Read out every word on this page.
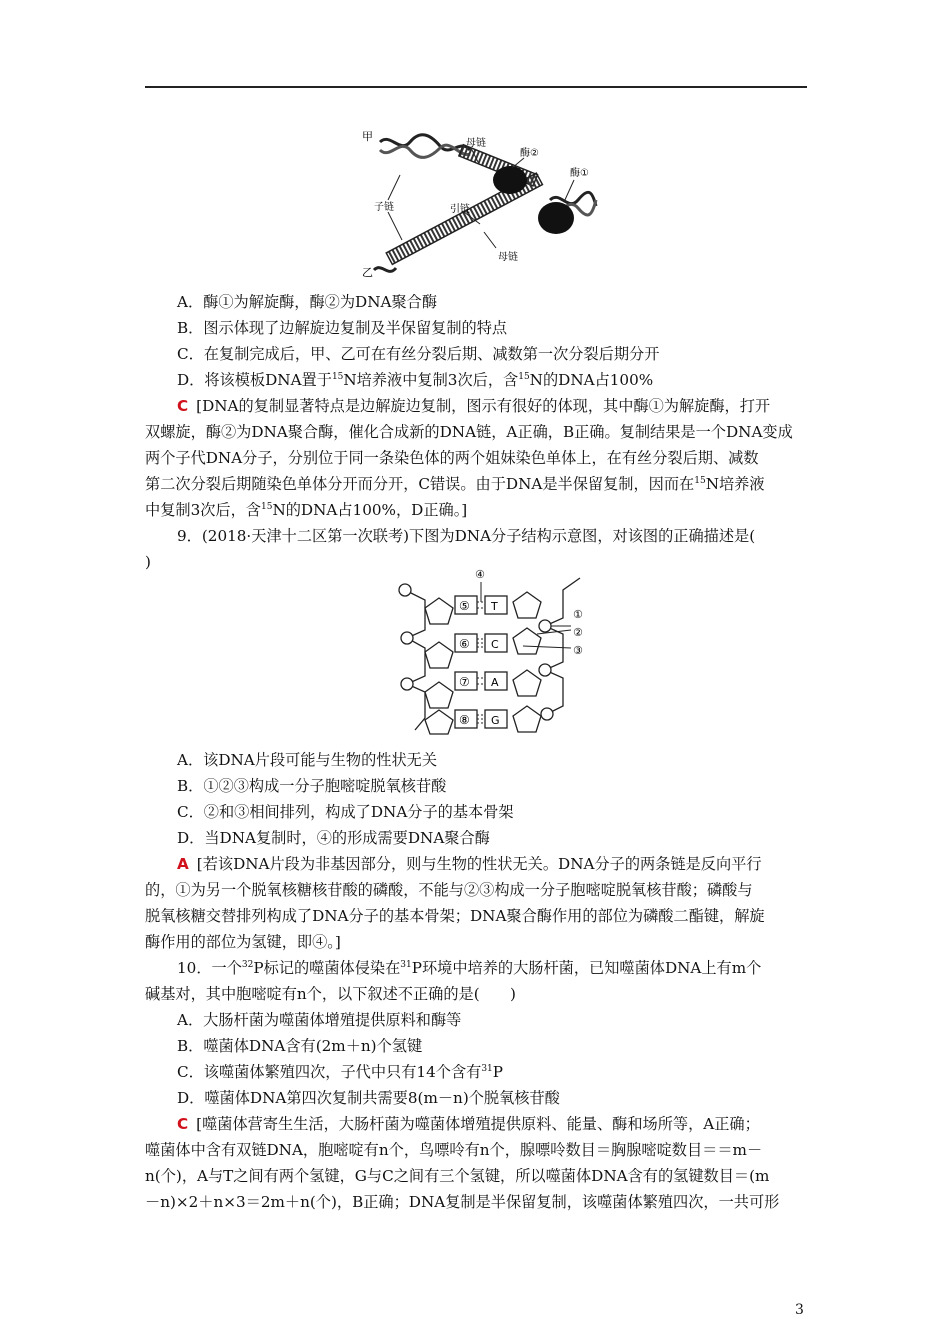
甲
乙
母链
酶②
酶①
子链	引链
母链
A．酶①为解旋酶，酶②为DNA聚合酶
B．图示体现了边解旋边复制及半保留复制的特点
C．在复制完成后，甲、乙可在有丝分裂后期、减数第一次分裂后期分开
D．将该模板DNA置于$^{15}$N培养液中复制3次后，含$^{15}$N的DNA占100%
C [DNA的复制显著特点是边解旋边复制，图示有很好的体现，其中酶①为解旋酶，打开
双螺旋，酶②为DNA聚合酶，催化合成新的DNA链，A正确，B正确。复制结果是一个DNA变成
两个子代DNA分子，分别位于同一条染色体的两个姐妹染色单体上，在有丝分裂后期、减数
第二次分裂后期随染色单体分开而分开，C错误。由于DNA是半保留复制，因而在$^{15}$N培养液
中复制3次后，含$^{15}$N的DNA占100%，D正确。]
9．(2018·天津十二区第一次联考)下图为DNA分子结构示意图，对该图的正确描述是(
)
④
⑤
⑥
⑦
⑧
T
C
A
G
①
②
③
A．该DNA片段可能与生物的性状无关
B．①②③构成一分子胞嘧啶脱氧核苷酸
C．②和③相间排列，构成了DNA分子的基本骨架
D．当DNA复制时，④的形成需要DNA聚合酶
A [若该DNA片段为非基因部分，则与生物的性状无关。DNA分子的两条链是反向平行
的，①为另一个脱氧核糖核苷酸的磷酸，不能与②③构成一分子胞嘧啶脱氧核苷酸；磷酸与
脱氧核糖交替排列构成了DNA分子的基本骨架；DNA聚合酶作用的部位为磷酸二酯键，解旋
酶作用的部位为氢键，即④。]
10．一个$^{32}$P标记的噬菌体侵染在$^{31}$P环境中培养的大肠杆菌，已知噬菌体DNA上有m个
碱基对，其中胞嘧啶有n个，以下叙述不正确的是(　　)
A．大肠杆菌为噬菌体增殖提供原料和酶等
B．噬菌体DNA含有(2m＋n)个氢键
C．该噬菌体繁殖四次，子代中只有14个含有$^{31}$P
D．噬菌体DNA第四次复制共需要8(m－n)个脱氧核苷酸
C [噬菌体营寄生生活，大肠杆菌为噬菌体增殖提供原料、能量、酶和场所等，A正确；
噬菌体中含有双链DNA，胞嘧啶有n个，鸟嘌呤有n个，腺嘌呤数目＝胸腺嘧啶数目＝＝m－
n(个)，A与T之间有两个氢键，G与C之间有三个氢键，所以噬菌体DNA含有的氢键数目＝(m
－n)×2＋n×3＝2m＋n(个)，B正确；DNA复制是半保留复制，该噬菌体繁殖四次，一共可形
3
